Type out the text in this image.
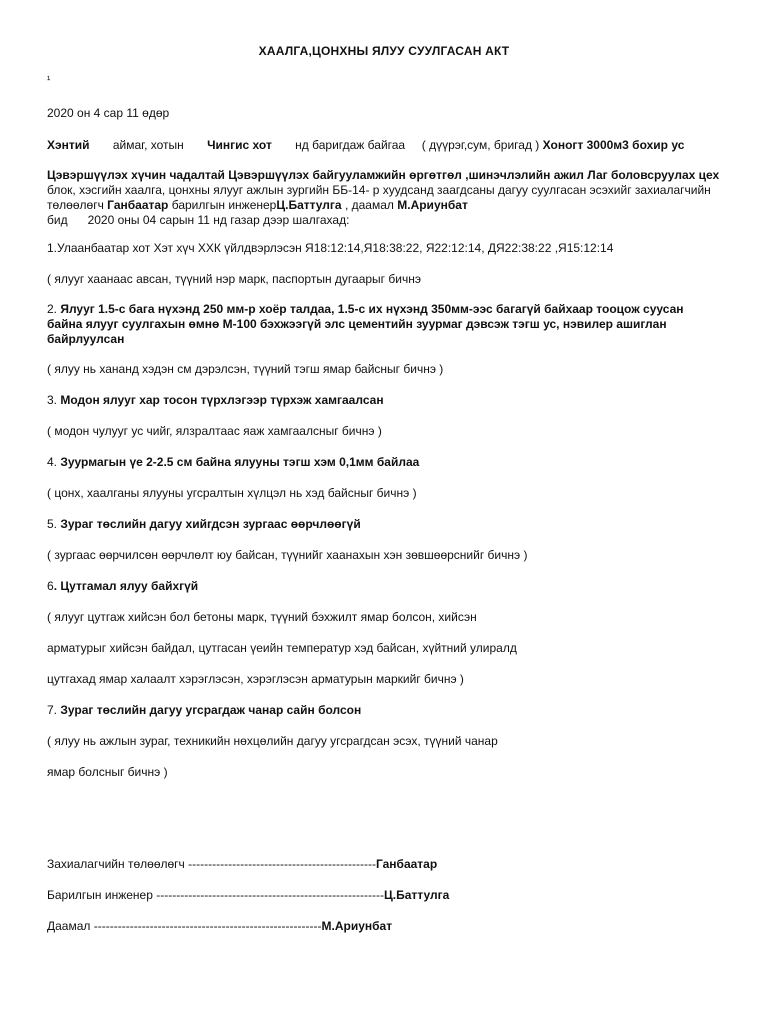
ХААЛГА,ЦОНХНЫ ЯЛУУ СУУЛГАСАН АКТ
¹
2020 он 4 сар 11 өдөр
Хэнтий       аймаг, хотын       Чингис хот       нд баригдаж байгаа     ( дүүрэг,сум, бригад ) Хоногт 3000м3 бохир ус
Цэвэршүүлэх хүчин чадалтай Цэвэршүүлэх байгууламжийн өргөтгөл ,шинэчлэлийн ажил Лаг боловсруулах цех блок, хэсгийн хаалга, цонхны ялууг ажлын зургийн ББ-14- р хуудсанд заагдсаны дагуу суулгасан эсэхийг захиалагчийн төлөөлөгч Ганбаатар барилгын инженерЦ.Баттулга , даамал М.Ариунбат
бид      2020 оны 04 сарын 11 нд газар дээр шалгахад:
1.Улаанбаатар хот Хэт хүч ХХК үйлдвэрлэсэн Я18:12:14,Я18:38:22, Я22:12:14, ДЯ22:38:22 ,Я15:12:14
( ялууг хаанаас авсан, түүний нэр марк, паспортын дугаарыг бичнэ
2. Ялууг 1.5-с бага нүхэнд 250 мм-р хоёр талдаа, 1.5-с их нүхэнд 350мм-ээс багагүй байхаар тооцож суусан байна ялууг суулгахын өмнө М-100 бэхжээгүй элс цементийн зуурмаг дэвсэж тэгш ус, нэвилер ашиглан байрлуулсан
( ялуу нь хананд хэдэн см дэрэлсэн, түүний тэгш ямар байсныг бичнэ )
3. Модон ялууг хар тосон түрхлэгээр түрхэж хамгаалсан
( модон чулууг ус чийг, ялзралтаас яаж хамгаалсныг бичнэ )
4. Зуурмагын үе 2-2.5 см байна ялууны тэгш хэм 0,1мм байлаа
( цонх, хаалганы ялууны угсралтын хүлцэл нь хэд байсныг бичнэ )
5. Зураг төслийн дагуу хийгдсэн зургаас өөрчлөөгүй
( зургаас өөрчилсөн өөрчлөлт юу байсан, түүнийг хаанахын хэн зөвшөөрснийг бичнэ )
6. Цутгамал ялуу байхгүй
( ялууг цутгаж хийсэн бол бетоны марк, түүний бэхжилт ямар болсон, хийсэн
арматурыг хийсэн байдал, цутгасан үеийн температур хэд байсан, хүйтний улиралд
цутгахад ямар халаалт хэрэглэсэн, хэрэглэсэн арматурын маркийг бичнэ )
7. Зураг төслийн дагуу угсрагдаж чанар сайн болсон
( ялуу нь ажлын зураг, техникийн нөхцөлийн дагуу угсрагдсан эсэх, түүний чанар
ямар болсныг бичнэ )
Захиалагчийн төлөөлөгч -----------------------------------------------Ганбаатар
Барилгын инженер ---------------------------------------------------------Ц.Баттулга
Даамал ---------------------------------------------------------М.Ариунбат
